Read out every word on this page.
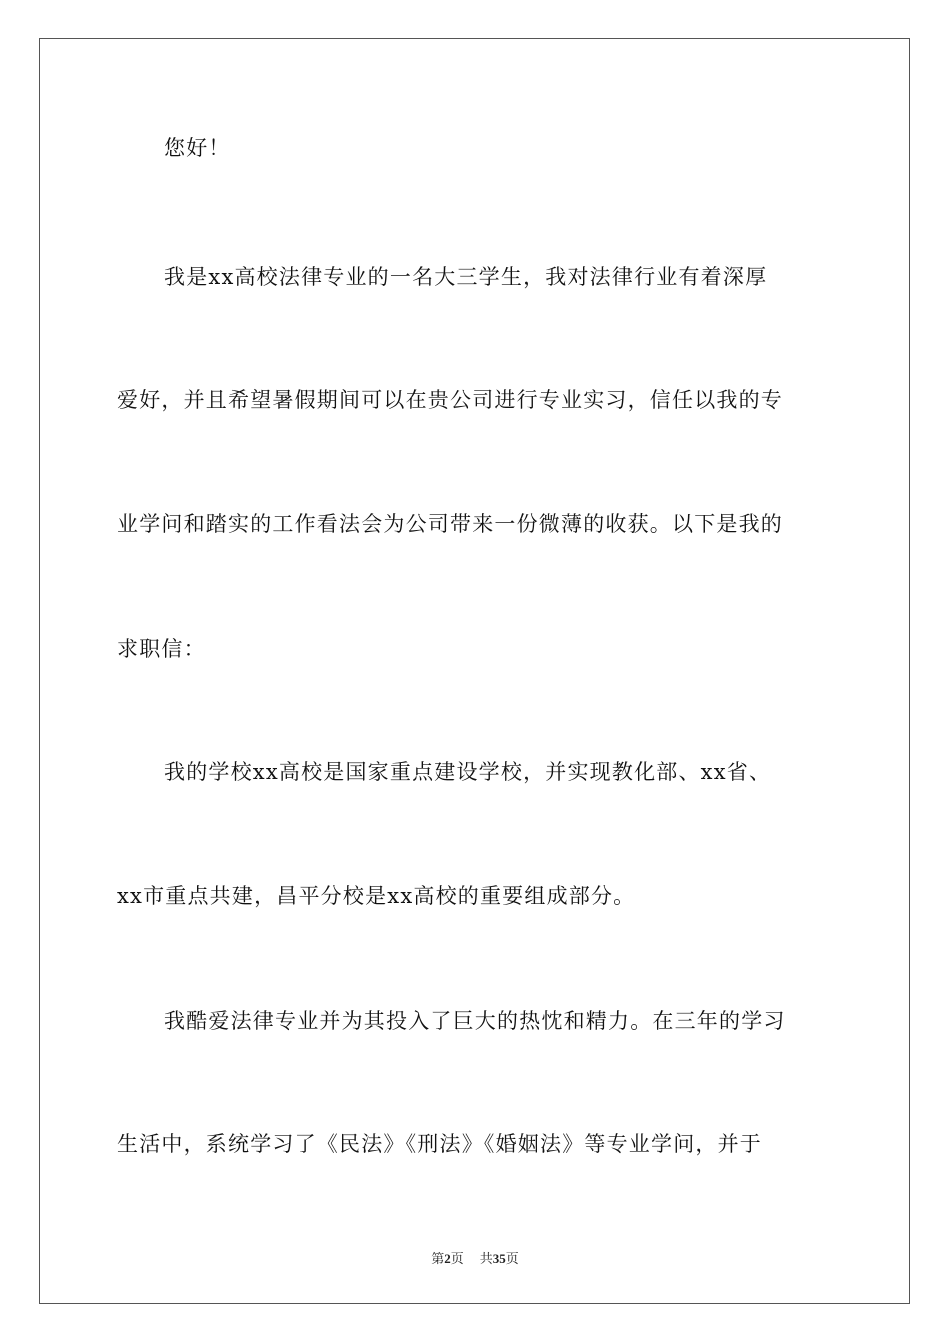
您好！
我是xx高校法律专业的一名大三学生，我对法律行业有着深厚
爱好，并且希望暑假期间可以在贵公司进行专业实习，信任以我的专
业学问和踏实的工作看法会为公司带来一份微薄的收获。以下是我的
求职信：
我的学校xx高校是国家重点建设学校，并实现教化部、xx省、
xx市重点共建，昌平分校是xx高校的重要组成部分。
我酷爱法律专业并为其投入了巨大的热忱和精力。在三年的学习
生活中，系统学习了《民法》《刑法》《婚姻法》等专业学问，并于
第2页 共35页
